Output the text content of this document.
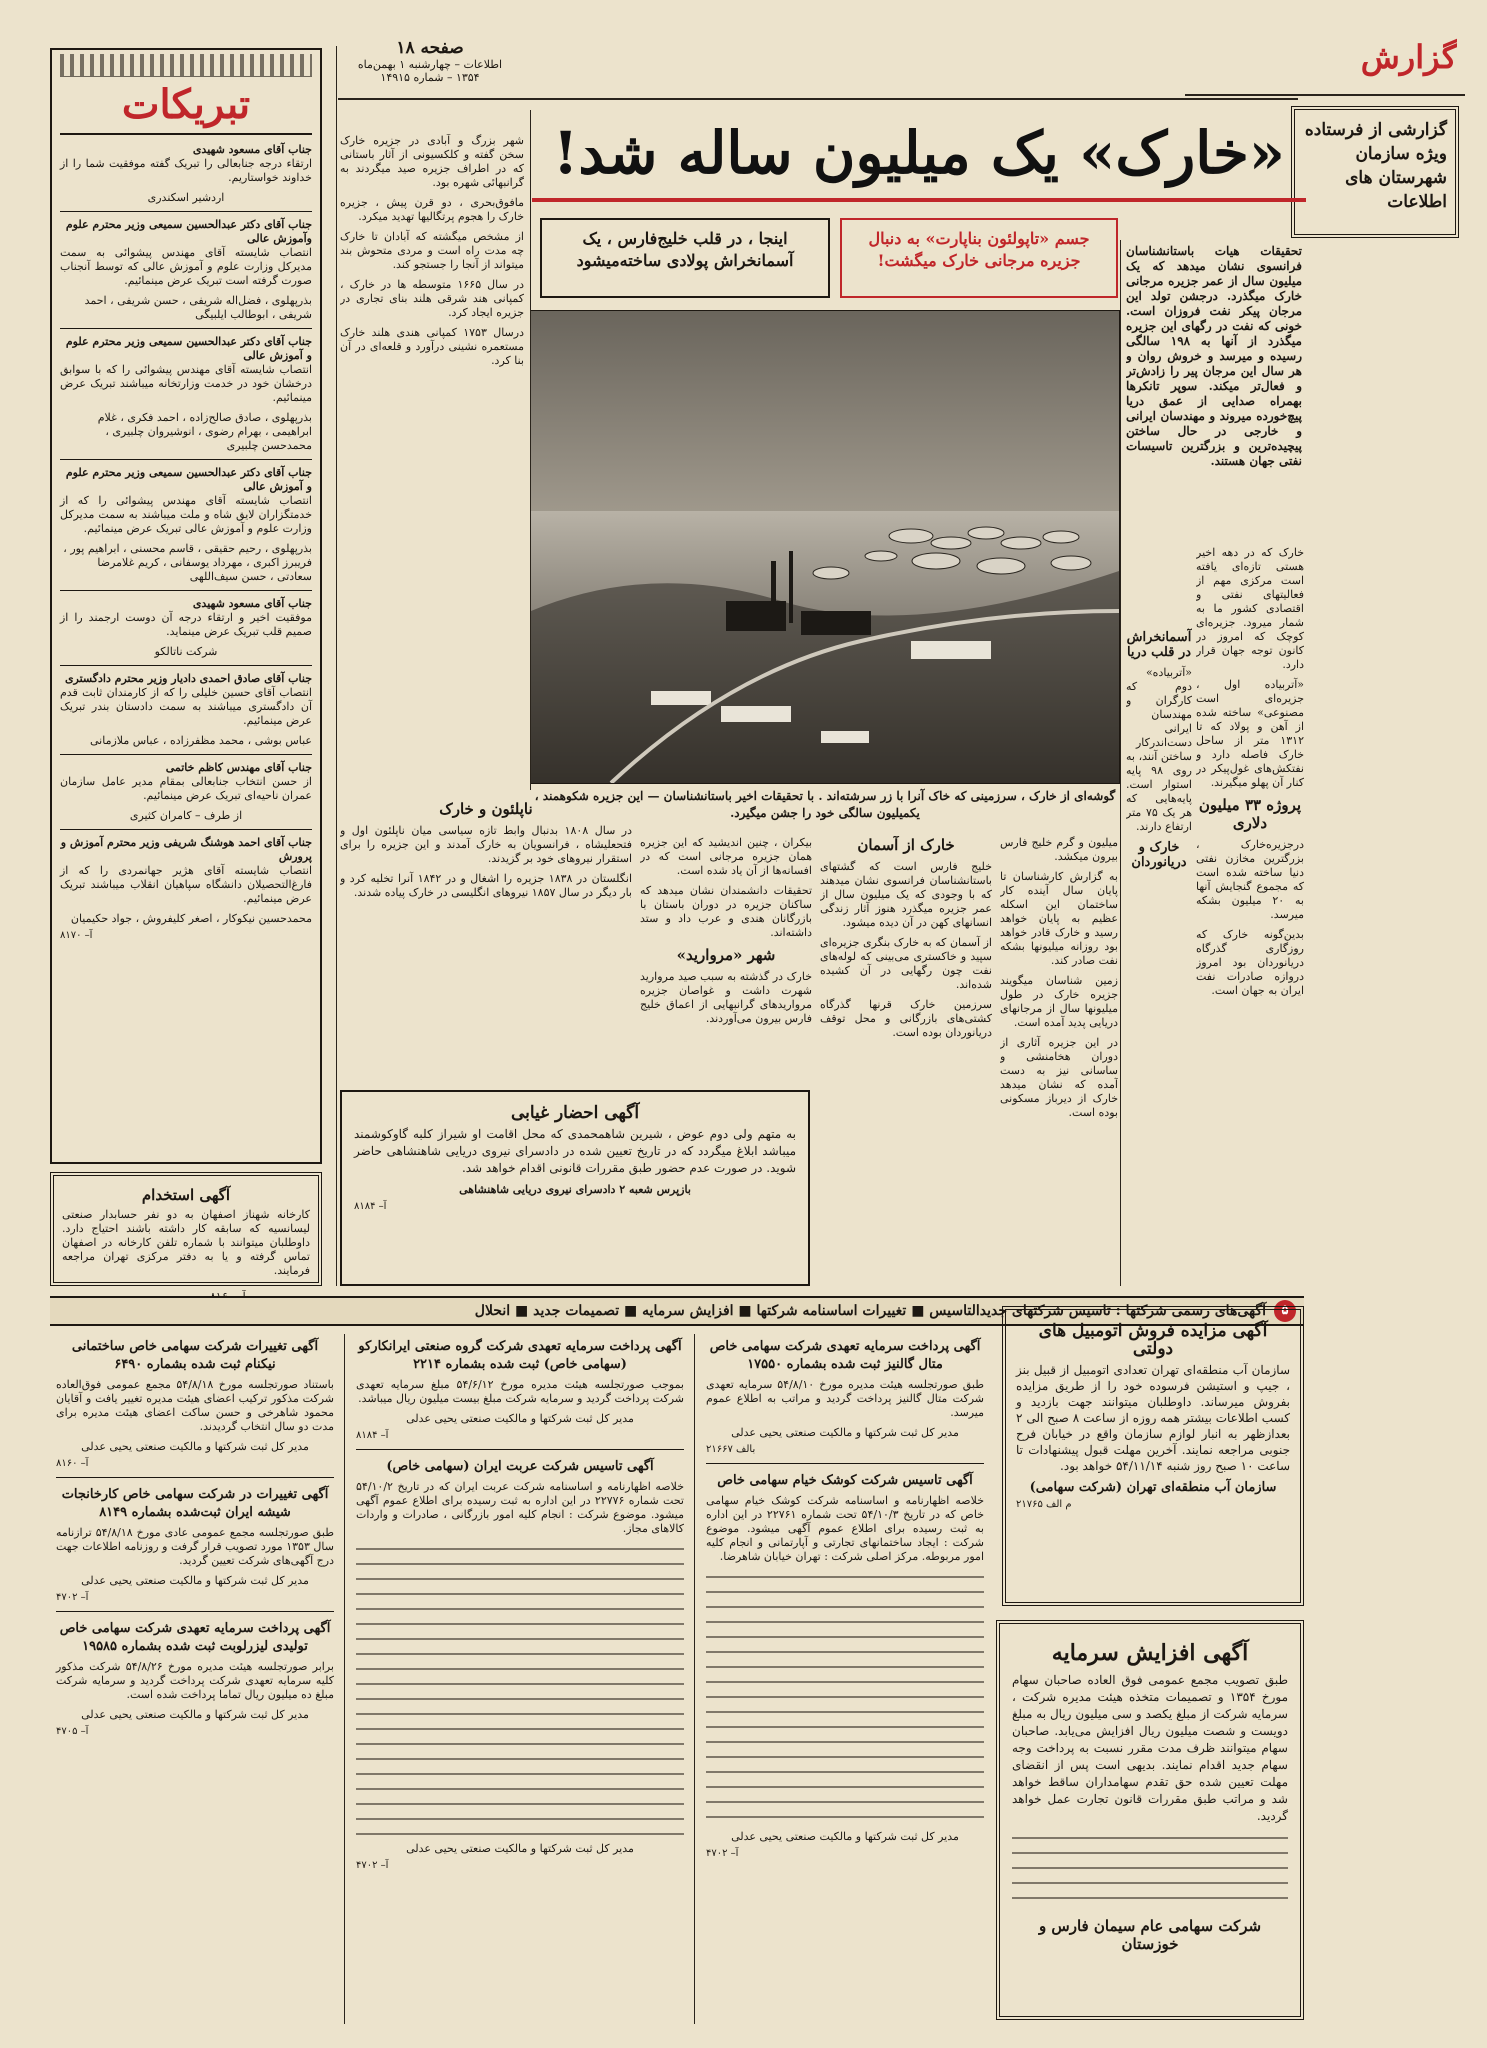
گزارش
گزارشی از فرستاده ویژه سازمان شهرستان های اطلاعات
صفحه ۱۸
اطلاعات – چهارشنبه ۱ بهمن‌ماه
۱۳۵۴ – شماره ۱۴۹۱۵
«خارک» یک میلیون ساله شد!
جسم «تاپولئون بناپارت» به دنبال جزیره مرجانی خارک میگشت!
اینجا ، در قلب خلیج‌فارس ، یک آسمانخراش پولادی ساخته‌میشود
تبریکات
جناب آقای مسعود شهیدی

ارتقاء درجه جنابعالی را تبریک گفته موفقیت شما را از خداوند خواستاریم.

اردشیر اسکندری
جناب آقای دکتر عبدالحسین سمیعی وزیر محترم علوم وآموزش عالی

انتصاب شایسته آقای مهندس پیشوائی به سمت مدیرکل وزارت علوم و آموزش عالی که توسط آنجناب صورت گرفته است تبریک عرض مینمائیم.

بذرپهلوی ، فضل‌اله شریفی ، حسن شریفی ، احمد شریفی ، ابوطالب ایلبیگی
جناب آقای دکتر عبدالحسین سمیعی وزیر محترم علوم و آموزش عالی

انتصاب شایسته آقای مهندس پیشوائی را که با سوابق درخشان خود در خدمت وزارتخانه میباشند تبریک عرض مینمائیم.

بذرپهلوی ، صادق صالح‌زاده ، احمد فکری ، غلام ابراهیمی ، بهرام رضوی ، انوشیروان چلبیری ، محمدحسن چلبیری
جناب آقای دکتر عبدالحسین سمیعی وزیر محترم علوم و آموزش عالی

انتصاب شایسته آقای مهندس پیشوائی را که از خدمتگزاران لایق شاه و ملت میباشند به سمت مدیرکل وزارت علوم و آموزش عالی تبریک عرض مینمائیم.

بذرپهلوی ، رحیم حقیقی ، قاسم محسنی ، ابراهیم پور ، فریبرز اکبری ، مهرداد یوسفانی ، کریم غلامرضا سعادتی ، حسن سیف‌اللهی
جناب آقای مسعود شهیدی

موفقیت اخیر و ارتقاء درجه آن دوست ارجمند را از صمیم قلب تبریک عرض مینماید.

شرکت ناتالکو
جناب آقای صادق احمدی دادیار وزیر محترم دادگستری

انتصاب آقای حسین خلیلی را که از کارمندان ثابت قدم آن دادگستری میباشند به سمت دادستان بندر تبریک عرض مینمائیم.

عباس بوشی ، محمد مظفرزاده ، عباس ملازمانی
جناب آقای مهندس کاظم خاتمی

از حسن انتخاب جنابعالی بمقام مدیر عامل سازمان عمران ناحیه‌ای تبریک عرض مینمائیم.

از طرف – کامران کثیری
جناب آقای احمد هوشنگ شریفی وزیر محترم آموزش و پرورش

انتصاب شایسته آقای هژیر جهانمردی را که از فارغ‌التحصیلان دانشگاه سپاهیان انقلاب میباشند تبریک عرض مینمائیم.

محمدحسین نیکوکار ، اصغر کلیفروش ، جواد حکیمیان
آ– ۸۱۷۰
آگهی استخدام

کارخانه شهناز اصفهان به دو نفر حسابدار صنعتی لیسانسیه که سابقه کار داشته باشند احتیاج دارد. داوطلبان میتوانند با شماره تلفن کارخانه در اصفهان تماس گرفته و یا به دفتر مرکزی تهران مراجعه فرمایند.

گوشه‌ای از خارک ، سرزمینی که خاک آنرا با زر سرشته‌اند . با تحقیقات اخیر باستانشناسان — این جزیره شکوهمند ، یکمیلیون سالگی خود را جشن میگیرد.

تحقیقات هیات باستانشناسان فرانسوی نشان میدهد که یک میلیون سال از عمر جزیره مرجانی خارک میگذرد. درجشن تولد این مرجان پیکر نفت فروزان است. خونی که نفت در رگهای این جزیره میگذرد از آنها به ۱۹۸ سالگی رسیده و میرسد و خروش روان و هر سال این مرجان پیر را زادش‌تر و فعال‌تر میکند. سوپر تانکرها بهمراه صدایی از عمق دریا پیچ‌خورده میروند و مهندسان ایرانی و خارجی در حال ساختن پیچیده‌ترین و بزرگترین تاسیسات نفتی جهان هستند.

خارک که در دهه اخیر هستی تازه‌ای یافته است مرکزی مهم از فعالیتهای نفتی و اقتصادی کشور ما به شمار میرود. جزیره‌ای کوچک که امروز در کانون توجه جهان قرار دارد.

«آتربیاده اول ، جزیره‌ای است مصنوعی» ساخته شده از آهن و پولاد که تا ۱۳۱۲ متر از ساحل خارک فاصله دارد و نفتکش‌های غول‌پیکر در کنار آن پهلو میگیرند.

پروژه ۳۳ میلیون دلاری

درجزیره‌خارک ، بزرگترین مخازن نفتی دنیا ساخته شده است که مجموع گنجایش آنها به ۲۰ میلیون بشکه میرسد.

بدین‌گونه خارک که روزگاری گذرگاه دریانوردان بود امروز دروازه صادرات نفت ایران به جهان است.

آسمانخراش در قلب دریا

«آتربیاده» دوم که کارگران و مهندسان ایرانی دست‌اندرکار ساختن آنند، به روی ۹۸ پایه استوار است. پایه‌هایی که هر یک ۷۵ متر ارتفاع دارند.

خارک و دریانوردان

میلیون و گرم خلیج فارس بیرون میکشد.

به گزارش کارشناسان تا پایان سال آینده کار ساختمان این اسکله عظیم به پایان خواهد رسید و خارک قادر خواهد بود روزانه میلیونها بشکه نفت صادر کند.

زمین شناسان میگویند جزیره خارک در طول میلیونها سال از مرجانهای دریایی پدید آمده است.

در این جزیره آثاری از دوران هخامنشی و ساسانی نیز به دست آمده که نشان میدهد خارک از دیرباز مسکونی بوده است.

خارک از آسمان

خلیج فارس است که گشتهای باستانشناسان فرانسوی نشان میدهند که با وجودی که یک میلیون سال از عمر جزیره میگذرد هنوز آثار زندگی انسانهای کهن در آن دیده میشود.

از آسمان که به خارک بنگری جزیره‌ای سپید و خاکستری می‌بینی که لوله‌های نفت چون رگهایی در آن کشیده شده‌اند.

سرزمین خارک قرنها گذرگاه کشتی‌های بازرگانی و محل توقف دریانوردان بوده است.

بیکران ، چنین اندیشید که این جزیره همان جزیره مرجانی است که در افسانه‌ها از آن یاد شده است.

تحقیقات دانشمندان نشان میدهد که ساکنان جزیره در دوران باستان با بازرگانان هندی و عرب داد و ستد داشته‌اند.

شهر «مروارید»

خارک در گذشته به سبب صید مروارید شهرت داشت و غواصان جزیره مرواریدهای گرانبهایی از اعماق خلیج فارس بیرون می‌آوردند.

شهر بزرگ و آبادی در جزیره خارک سخن گفته و کلکسیونی از آثار باستانی که در اطراف جزیره صید میگردند به گرانبهائی شهره بود.

مافوق‌بحری ، دو قرن پیش ، جزیره خارک را هجوم پرتگالیها تهدید میکرد.

از مشخص میگشته که آبادان تا خارک چه مدت راه است و مردی متحوش بند میتواند از آنجا را جستجو کند.

در سال ۱۶۶۵ متوسطه ها در خارک ، کمپانی هند شرقی هلند بنای تجاری در جزیره ایجاد کرد.

درسال ۱۷۵۳ کمپانی هندی هلند خارک مستعمره نشینی درآورد و قلعه‌ای در آن بنا کرد.

ناپلئون و خارک

در سال ۱۸۰۸ بدنبال وابط تازه سیاسی میان ناپلئون اول و فتحعلیشاه ، فرانسویان به خارک آمدند و این جزیره را برای استقرار نیروهای خود بر گزیدند.

انگلستان در ۱۸۳۸ جزیره را اشغال و در ۱۸۴۲ آنرا تخلیه کرد و بار دیگر در سال ۱۸۵۷ نیروهای انگلیسی در خارک پیاده شدند.

آگهی احضار غیابی

به متهم ولی دوم عوض ، شیرین شاهمحمدی که محل اقامت او شیراز کلبه گاوکوشمند میباشد ابلاغ میگردد که در تاریخ تعیین شده در دادسرای نیروی دریایی شاهنشاهی حاضر شوید. در صورت عدم حضور طبق مقررات قانونی اقدام خواهد شد.

بازپرس شعبه ۲ دادسرای نیروی دریایی شاهنشاهی
آ– ۸۱۸۴
۵
آگهی‌های رسمی شرکتها : تاسیس شرکتهای جدیدالتاسیس ■ تغییرات اساسنامه شرکتها ■ افزایش سرمایه ■ تصمیمات جدید ■ انحلال
آگهی تغییرات شرکت سهامی خاص ساختمانی نیکنام ثبت شده بشماره ۶۴۹۰

باستناد صورتجلسه مورخ ۵۴/۸/۱۸ مجمع عمومی فوق‌العاده شرکت مذکور ترکیب اعضای هیئت مدیره تغییر یافت و آقایان محمود شاهرخی و حسن ساکت اعضای هیئت مدیره برای مدت دو سال انتخاب گردیدند.

مدیر کل ثبت شرکتها و مالکیت صنعتی یحیی عدلی
آ– ۸۱۶۰
آگهی تغییرات در شرکت سهامی خاص کارخانجات شیشه ایران ثبت‌شده بشماره ۸۱۴۹

طبق صورتجلسه مجمع عمومی عادی مورخ ۵۴/۸/۱۸ ترازنامه سال ۱۳۵۳ مورد تصویب قرار گرفت و روزنامه اطلاعات جهت درج آگهی‌های شرکت تعیین گردید.

مدیر کل ثبت شرکتها و مالکیت صنعتی یحیی عدلی
آ– ۴۷۰۲
آگهی پرداخت سرمایه تعهدی شرکت سهامی خاص تولیدی لیزرلوبت ثبت شده بشماره ۱۹۵۸۵

برابر صورتجلسه هیئت مدیره مورخ ۵۴/۸/۲۶ شرکت مذکور کلیه سرمایه تعهدی شرکت پرداخت گردید و سرمایه شرکت مبلغ ده میلیون ریال تماما پرداخت شده است.

مدیر کل ثبت شرکتها و مالکیت صنعتی یحیی عدلی
آ– ۴۷۰۵
آگهی پرداخت سرمایه تعهدی شرکت گروه صنعتی ایرانکارکو (سهامی خاص) ثبت شده بشماره ۲۲۱۴

بموجب صورتجلسه هیئت مدیره مورخ ۵۴/۶/۱۲ مبلغ سرمایه تعهدی شرکت پرداخت گردید و سرمایه شرکت مبلغ بیست میلیون ریال میباشد.

مدیر کل ثبت شرکتها و مالکیت صنعتی یحیی عدلی
آ– ۸۱۸۴
آگهی تاسیس شرکت عربت ایران (سهامی خاص)

خلاصه اظهارنامه و اساسنامه شرکت عربت ایران که در تاریخ ۵۴/۱۰/۲ تحت شماره ۲۲۷۷۶ در این اداره به ثبت رسیده برای اطلاع عموم آگهی میشود. موضوع شرکت : انجام کلیه امور بازرگانی ، صادرات و واردات کالاهای مجاز.

مدیر کل ثبت شرکتها و مالکیت صنعتی یحیی عدلی
آ– ۴۷۰۲
آگهی پرداخت سرمایه تعهدی شرکت سهامی خاص متال گالنیز ثبت شده بشماره ۱۷۵۵۰

طبق صورتجلسه هیئت مدیره مورخ ۵۴/۸/۱۰ سرمایه تعهدی شرکت متال گالنیز پرداخت گردید و مراتب به اطلاع عموم میرسد.

مدیر کل ثبت شرکتها و مالکیت صنعتی یحیی عدلی
بالف ۲۱۶۶۷
آگهی تاسیس شرکت کوشک خیام سهامی خاص

خلاصه اظهارنامه و اساسنامه شرکت کوشک خیام سهامی خاص که در تاریخ ۵۴/۱۰/۳ تحت شماره ۲۲۷۶۱ در این اداره به ثبت رسیده برای اطلاع عموم آگهی میشود. موضوع شرکت : ایجاد ساختمانهای تجارتی و آپارتمانی و انجام کلیه امور مربوطه. مرکز اصلی شرکت : تهران خیابان شاهرضا.

مدیر کل ثبت شرکتها و مالکیت صنعتی یحیی عدلی
آ– ۴۷۰۲
آگهی مزایده فروش اتومبیل های دولتی

سازمان آب منطقه‌ای تهران تعدادی اتومبیل از قبیل بنز ، جیپ و استیشن فرسوده خود را از طریق مزایده بفروش میرساند. داوطلبان میتوانند جهت بازدید و کسب اطلاعات بیشتر همه روزه از ساعت ۸ صبح الی ۲ بعدازظهر به انبار لوازم سازمان واقع در خیابان فرح جنوبی مراجعه نمایند. آخرین مهلت قبول پیشنهادات تا ساعت ۱۰ صبح روز شنبه ۵۴/۱۱/۱۴ خواهد بود.

سازمان آب منطقه‌ای تهران (شرکت سهامی)
م الف ۲۱۷۶۵
آگهی افزایش سرمایه

طبق تصویب مجمع عمومی فوق العاده صاحبان سهام مورخ ۱۳۵۴ و تصمیمات متخذه هیئت مدیره شرکت ، سرمایه شرکت از مبلغ یکصد و سی میلیون ریال به مبلغ دویست و شصت میلیون ریال افزایش می‌یابد. صاحبان سهام میتوانند ظرف مدت مقرر نسبت به پرداخت وجه سهام جدید اقدام نمایند. بدیهی است پس از انقضای مهلت تعیین شده حق تقدم سهامداران ساقط خواهد شد و مراتب طبق مقررات قانون تجارت عمل خواهد گردید.

شرکت سهامی عام سیمان فارس و خوزستان
